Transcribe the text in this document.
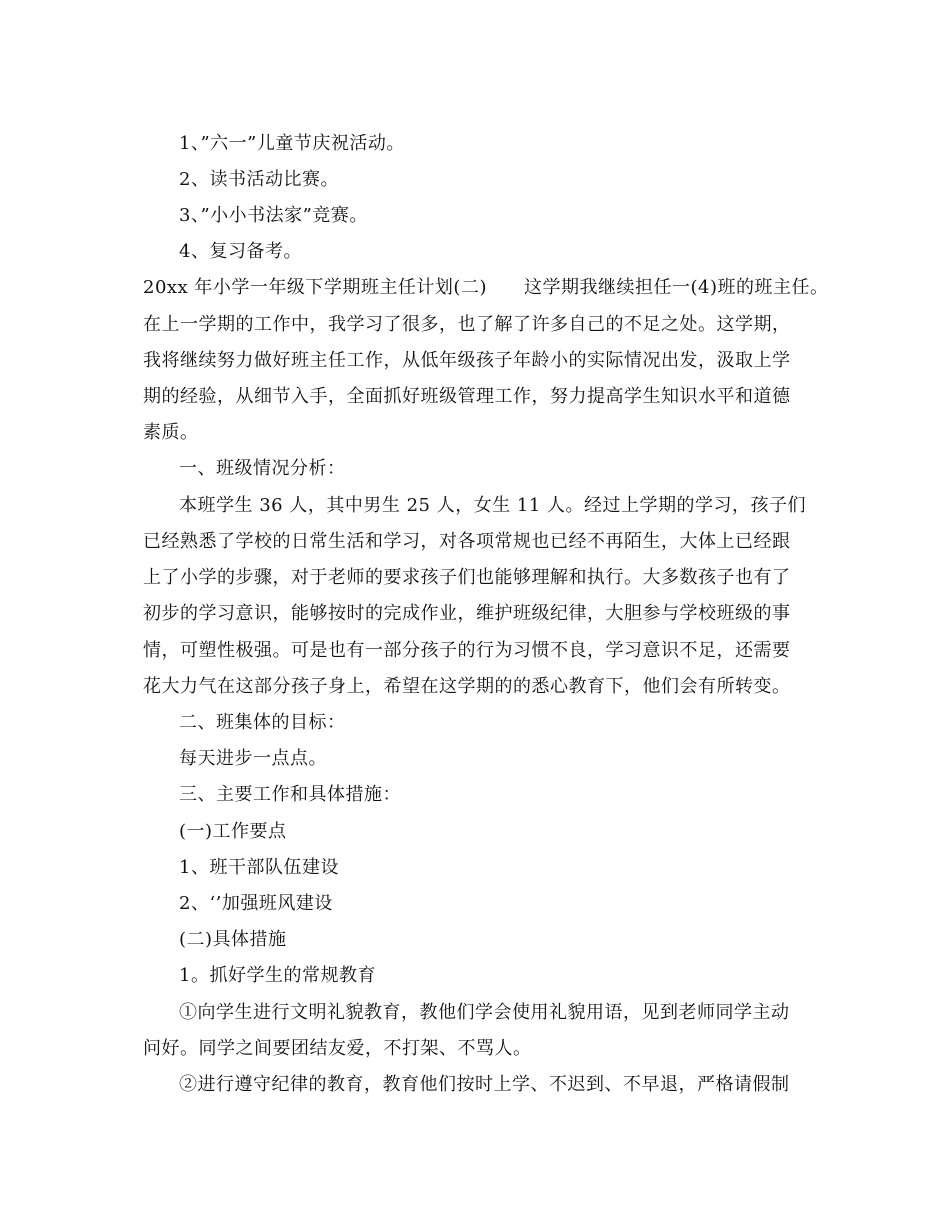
1、”六一”儿童节庆祝活动。
2、读书活动比赛。
3、”小小书法家”竞赛。
4、复习备考。
20xx 年小学一年级下学期班主任计划(二)　　这学期我继续担任一(4)班的班主任。
在上一学期的工作中，我学习了很多，也了解了许多自己的不足之处。这学期，
我将继续努力做好班主任工作，从低年级孩子年龄小的实际情况出发，汲取上学
期的经验，从细节入手，全面抓好班级管理工作，努力提高学生知识水平和道德
素质。
一、班级情况分析：
本班学生 36 人，其中男生 25 人，女生 11 人。经过上学期的学习，孩子们
已经熟悉了学校的日常生活和学习，对各项常规也已经不再陌生，大体上已经跟
上了小学的步骤，对于老师的要求孩子们也能够理解和执行。大多数孩子也有了
初步的学习意识，能够按时的完成作业，维护班级纪律，大胆参与学校班级的事
情，可塑性极强。可是也有一部分孩子的行为习惯不良，学习意识不足，还需要
花大力气在这部分孩子身上，希望在这学期的的悉心教育下，他们会有所转变。
二、班集体的目标：
每天进步一点点。
三、主要工作和具体措施：
(一)工作要点
1、班干部队伍建设
2、‘’加强班风建设
(二)具体措施
1。抓好学生的常规教育
①向学生进行文明礼貌教育，教他们学会使用礼貌用语，见到老师同学主动
问好。同学之间要团结友爱，不打架、不骂人。
②进行遵守纪律的教育，教育他们按时上学、不迟到、不早退，严格请假制
